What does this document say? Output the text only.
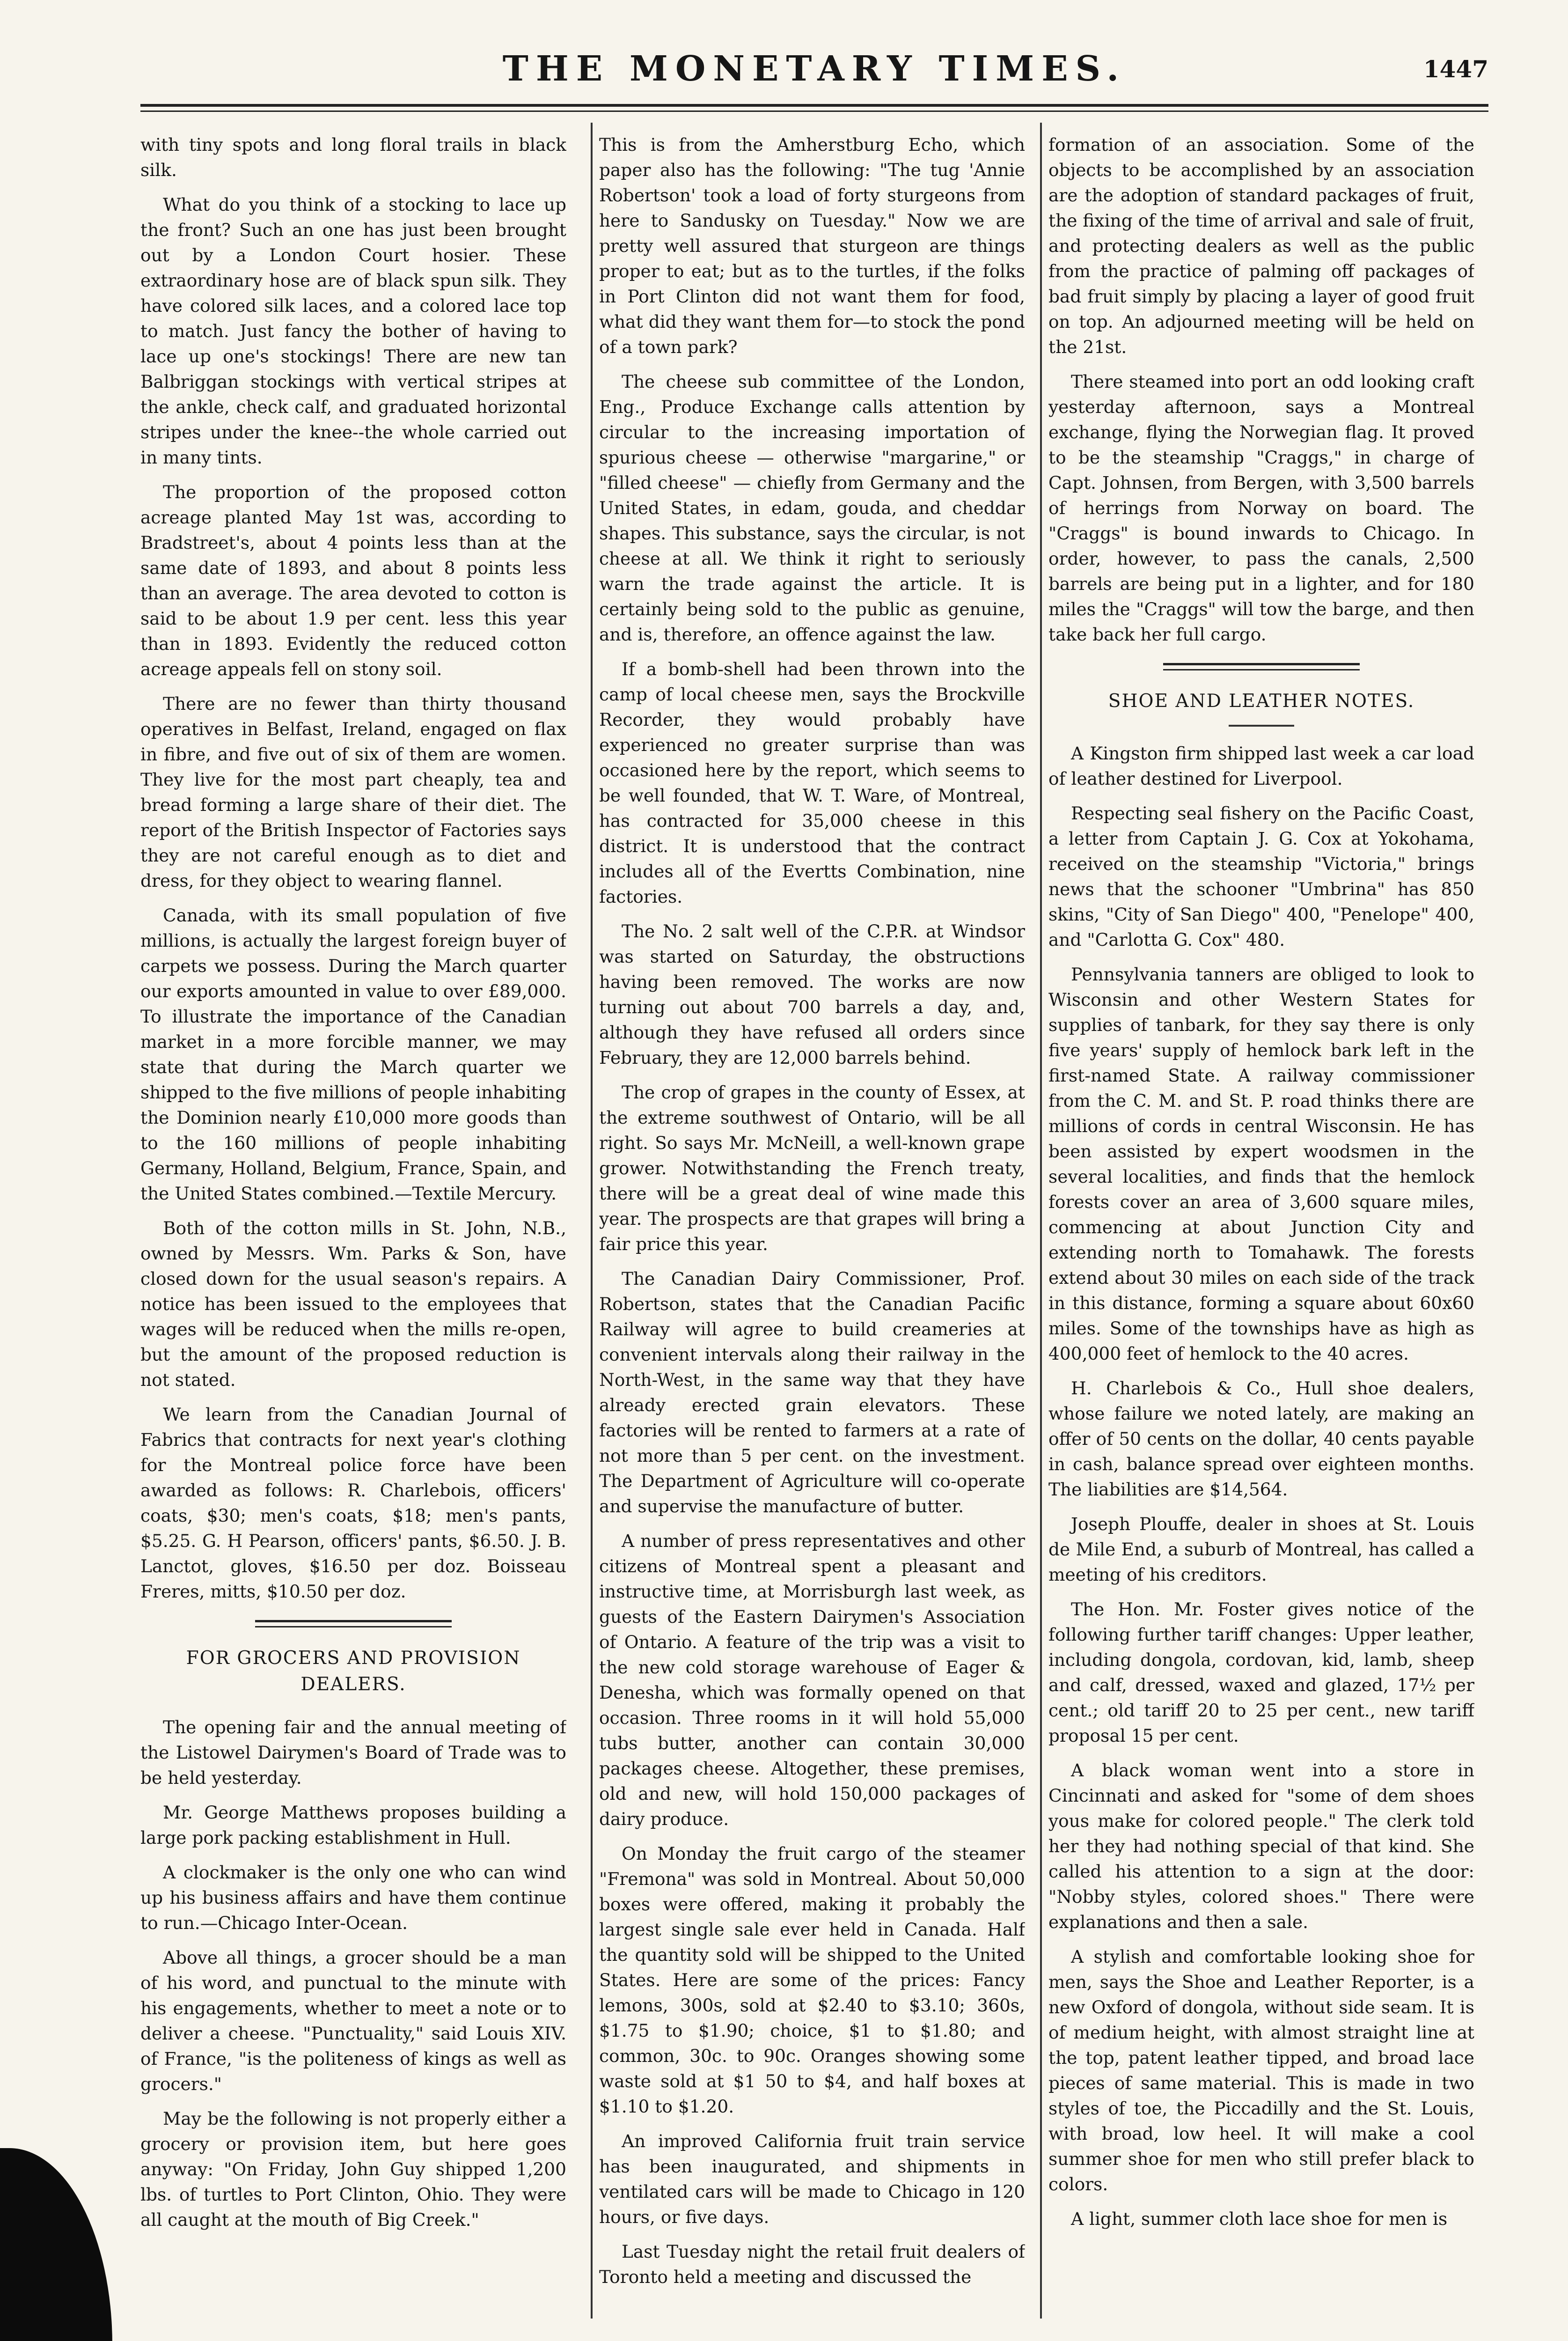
THE MONETARY TIMES.	1447

with tiny spots and long floral trails in black silk.

What do you think of a stocking to lace up the front? Such an one has just been brought out by a London Court hosier. These extraordinary hose are of black spun silk. They have colored silk laces, and a colored lace top to match. Just fancy the bother of having to lace up one's stockings! There are new tan Balbriggan stockings with vertical stripes at the ankle, check calf, and graduated horizontal stripes under the knee--the whole carried out in many tints.

The proportion of the proposed cotton acreage planted May 1st was, according to Bradstreet's, about 4 points less than at the same date of 1893, and about 8 points less than an average. The area devoted to cotton is said to be about 1.9 per cent. less this year than in 1893. Evidently the reduced cotton acreage appeals fell on stony soil.

There are no fewer than thirty thousand operatives in Belfast, Ireland, engaged on flax in fibre, and five out of six of them are women. They live for the most part cheaply, tea and bread forming a large share of their diet. The report of the British Inspector of Factories says they are not careful enough as to diet and dress, for they object to wearing flannel.

Canada, with its small population of five millions, is actually the largest foreign buyer of carpets we possess. During the March quarter our exports amounted in value to over £89,000. To illustrate the importance of the Canadian market in a more forcible manner, we may state that during the March quarter we shipped to the five millions of people inhabiting the Dominion nearly £10,000 more goods than to the 160 millions of people inhabiting Germany, Holland, Belgium, France, Spain, and the United States combined.—Textile Mercury.

Both of the cotton mills in St. John, N.B., owned by Messrs. Wm. Parks & Son, have closed down for the usual season's repairs. A notice has been issued to the employees that wages will be reduced when the mills re-open, but the amount of the proposed reduction is not stated.

We learn from the Canadian Journal of Fabrics that contracts for next year's clothing for the Montreal police force have been awarded as follows: R. Charlebois, officers' coats, $30; men's coats, $18; men's pants, $5.25. G. H Pearson, officers' pants, $6.50. J. B. Lanctot, gloves, $16.50 per doz. Boisseau Freres, mitts, $10.50 per doz.

FOR GROCERS AND PROVISION DEALERS.

The opening fair and the annual meeting of the Listowel Dairymen's Board of Trade was to be held yesterday.

Mr. George Matthews proposes building a large pork packing establishment in Hull.

A clockmaker is the only one who can wind up his business affairs and have them continue to run.—Chicago Inter-Ocean.

Above all things, a grocer should be a man of his word, and punctual to the minute with his engagements, whether to meet a note or to deliver a cheese. "Punctuality," said Louis XIV. of France, "is the politeness of kings as well as grocers."

May be the following is not properly either a grocery or provision item, but here goes anyway: "On Friday, John Guy shipped 1,200 lbs. of turtles to Port Clinton, Ohio. They were all caught at the mouth of Big Creek."

This is from the Amherstburg Echo, which paper also has the following: "The tug 'Annie Robertson' took a load of forty sturgeons from here to Sandusky on Tuesday." Now we are pretty well assured that sturgeon are things proper to eat; but as to the turtles, if the folks in Port Clinton did not want them for food, what did they want them for—to stock the pond of a town park?

The cheese sub committee of the London, Eng., Produce Exchange calls attention by circular to the increasing importation of spurious cheese — otherwise "margarine," or "filled cheese" — chiefly from Germany and the United States, in edam, gouda, and cheddar shapes. This substance, says the circular, is not cheese at all. We think it right to seriously warn the trade against the article. It is certainly being sold to the public as genuine, and is, therefore, an offence against the law.

If a bomb-shell had been thrown into the camp of local cheese men, says the Brockville Recorder, they would probably have experienced no greater surprise than was occasioned here by the report, which seems to be well founded, that W. T. Ware, of Montreal, has contracted for 35,000 cheese in this district. It is understood that the contract includes all of the Evertts Combination, nine factories.

The No. 2 salt well of the C.P.R. at Windsor was started on Saturday, the obstructions having been removed. The works are now turning out about 700 barrels a day, and, although they have refused all orders since February, they are 12,000 barrels behind.

The crop of grapes in the county of Essex, at the extreme southwest of Ontario, will be all right. So says Mr. McNeill, a well-known grape grower. Notwithstanding the French treaty, there will be a great deal of wine made this year. The prospects are that grapes will bring a fair price this year.

The Canadian Dairy Commissioner, Prof. Robertson, states that the Canadian Pacific Railway will agree to build creameries at convenient intervals along their railway in the North-West, in the same way that they have already erected grain elevators. These factories will be rented to farmers at a rate of not more than 5 per cent. on the investment. The Department of Agriculture will co-operate and supervise the manufacture of butter.

A number of press representatives and other citizens of Montreal spent a pleasant and instructive time, at Morrisburgh last week, as guests of the Eastern Dairymen's Association of Ontario. A feature of the trip was a visit to the new cold storage warehouse of Eager & Denesha, which was formally opened on that occasion. Three rooms in it will hold 55,000 tubs butter, another can contain 30,000 packages cheese. Altogether, these premises, old and new, will hold 150,000 packages of dairy produce.

On Monday the fruit cargo of the steamer "Fremona" was sold in Montreal. About 50,000 boxes were offered, making it probably the largest single sale ever held in Canada. Half the quantity sold will be shipped to the United States. Here are some of the prices: Fancy lemons, 300s, sold at $2.40 to $3.10; 360s, $1.75 to $1.90; choice, $1 to $1.80; and common, 30c. to 90c. Oranges showing some waste sold at $1 50 to $4, and half boxes at $1.10 to $1.20.

An improved California fruit train service has been inaugurated, and shipments in ventilated cars will be made to Chicago in 120 hours, or five days.

Last Tuesday night the retail fruit dealers of Toronto held a meeting and discussed the

formation of an association. Some of the objects to be accomplished by an association are the adoption of standard packages of fruit, the fixing of the time of arrival and sale of fruit, and protecting dealers as well as the public from the practice of palming off packages of bad fruit simply by placing a layer of good fruit on top. An adjourned meeting will be held on the 21st.

There steamed into port an odd looking craft yesterday afternoon, says a Montreal exchange, flying the Norwegian flag. It proved to be the steamship "Craggs," in charge of Capt. Johnsen, from Bergen, with 3,500 barrels of herrings from Norway on board. The "Craggs" is bound inwards to Chicago. In order, however, to pass the canals, 2,500 barrels are being put in a lighter, and for 180 miles the "Craggs" will tow the barge, and then take back her full cargo.

SHOE AND LEATHER NOTES.

A Kingston firm shipped last week a car load of leather destined for Liverpool.

Respecting seal fishery on the Pacific Coast, a letter from Captain J. G. Cox at Yokohama, received on the steamship "Victoria," brings news that the schooner "Umbrina" has 850 skins, "City of San Diego" 400, "Penelope" 400, and "Carlotta G. Cox" 480.

Pennsylvania tanners are obliged to look to Wisconsin and other Western States for supplies of tanbark, for they say there is only five years' supply of hemlock bark left in the first-named State. A railway commissioner from the C. M. and St. P. road thinks there are millions of cords in central Wisconsin. He has been assisted by expert woodsmen in the several localities, and finds that the hemlock forests cover an area of 3,600 square miles, commencing at about Junction City and extending north to Tomahawk. The forests extend about 30 miles on each side of the track in this distance, forming a square about 60x60 miles. Some of the townships have as high as 400,000 feet of hemlock to the 40 acres.

H. Charlebois & Co., Hull shoe dealers, whose failure we noted lately, are making an offer of 50 cents on the dollar, 40 cents payable in cash, balance spread over eighteen months. The liabilities are $14,564.

Joseph Plouffe, dealer in shoes at St. Louis de Mile End, a suburb of Montreal, has called a meeting of his creditors.

The Hon. Mr. Foster gives notice of the following further tariff changes: Upper leather, including dongola, cordovan, kid, lamb, sheep and calf, dressed, waxed and glazed, 17½ per cent.; old tariff 20 to 25 per cent., new tariff proposal 15 per cent.

A black woman went into a store in Cincinnati and asked for "some of dem shoes yous make for colored people." The clerk told her they had nothing special of that kind. She called his attention to a sign at the door: "Nobby styles, colored shoes." There were explanations and then a sale.

A stylish and comfortable looking shoe for men, says the Shoe and Leather Reporter, is a new Oxford of dongola, without side seam. It is of medium height, with almost straight line at the top, patent leather tipped, and broad lace pieces of same material. This is made in two styles of toe, the Piccadilly and the St. Louis, with broad, low heel. It will make a cool summer shoe for men who still prefer black to colors.

A light, summer cloth lace shoe for men is
